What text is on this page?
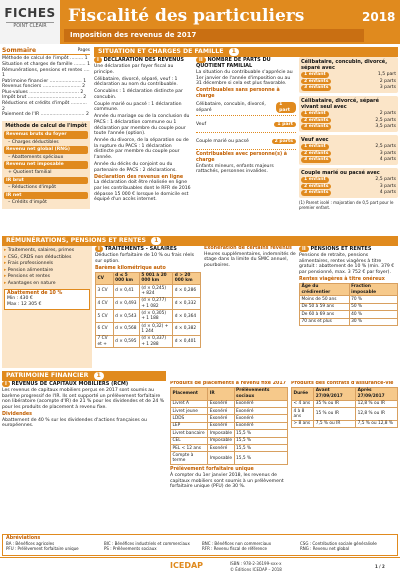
FICHES
POINT CLEAIR
Fiscalité des particuliers
Imposition des revenus de 2017
2018
Sommaire	Pages
Méthode de calcul de l'impôt ......... 1
Situation et charges de famille ........ 1
Rémunérations, pensions et rentes .... 1
Patrimoine financier ...................... 1
Revenus fonciers .......................... 2
Plus-values .................................. 2
Impôt brut ..................................... 2
Réductions et crédits d'impôt ........... 2
Paiement de l'IR .............................. 2
Méthode de calcul de l'impôt
Revenus bruts du foyer
– Charges déductibles
Revenu net global (RNG)
– Abattements spéciaux
Revenu net imposable
+ Quotient familial
IR brut
– Réductions d'impôt
IR net
– Crédits d'impôt
SITUATION ET CHARGES DE FAMILLE 1
I DÉCLARATION DES REVENUS

Une déclaration par foyer fiscal au principe.

Célibataire, divorcé, séparé, veuf : 1 déclaration au nom du contribuable.

Concubins : 1 déclaration distincte par concubin.

Couple marié ou pacsé : 1 déclaration commune.

Année du mariage ou de la conclusion du PACS : 1 déclaration commune ou 1 déclaration par membre du couple pour toute l'année (option).

Année du divorce, de la séparation ou de la rupture du PACS : 1 déclaration distincte par membre du couple pour l'année.

Année du décès du conjoint ou du partenaire de PACS : 2 déclarations.

Déclaration des revenus en ligne

La déclaration doit être réalisée en ligne par les contribuables dont le RFR de 2016 dépasse 15 000 € lorsque le domicile est équipé d'un accès internet.

II NOMBRE DE PARTS DU QUOTIENT FAMILIAL

La situation du contribuable s'apprécie au 1er janvier de l'année d'imposition ou au 31 décembre si cela est plus favorable.

Contribuables sans personne à charge
Célibataire, concubin, divorcé, séparé
1 part
Veuf	1 part
Couple marié ou pacsé	2 parts
Contribuables avec personne(s) à charge

Enfants mineurs, enfants majeurs rattachés, personnes invalides.

Célibataire, concubin, divorcé, séparé avec
1 enfant	1,5 part
2 enfants	2 parts
3 enfants	3 parts
Célibataire, divorcé, séparé vivant seul avec
1 enfant	2 parts
2 enfants	2,5 parts
3 enfants	3,5 parts
Veuf avec
1 enfant	2,5 parts
2 enfants	3 parts
3 enfants	4 parts
Couple marié ou pacsé avec
1 enfant	2,5 parts
2 enfants	3 parts
3 enfants	4 parts

(1) Parent isolé : majoration de 0,5 part pour le premier enfant.

RÉMUNÉRATIONS, PENSIONS ET RENTES 1
▸ Traitements, salaires, primes
▸ CSG, CRDS non déductibles
▸ Frais professionnels
▸ Pension alimentaire
▸ Pensions et rentes
▸ Avantages en nature
Abattement de 10 %
Min : 430 €
Max : 12 305 €
I TRAITEMENTS - SALAIRES

Déduction forfaitaire de 10 % ou frais réels sur option.

Barème kilométrique auto
CV	d ≤ 5 000 km	5 001 à 20 000 km	d > 20 000 km
3 CV	d × 0,41	(d × 0,245) + 824	d × 0,286
4 CV	d × 0,493	(d × 0,277) + 1 082	d × 0,332
5 CV	d × 0,543	(d × 0,305) + 1 188	d × 0,364
6 CV	d × 0,568	(d × 0,32) + 1 244	d × 0,382
7 CV et +	d × 0,595	(d × 0,337) + 1 288	d × 0,401
Exonération de certains revenus

Heures supplémentaires, indemnités de stage dans la limite du SMIC annuel, pourboires.

II PENSIONS ET RENTES

Pensions de retraite, pensions alimentaires, rentes viagères à titre gratuit : abattement de 10 % (min. 379 € par pensionné, max. 3 752 € par foyer).

Rentes viagères à titre onéreux
Âge du crédirentier	Fraction imposable
Moins de 50 ans	70 %
De 50 à 59 ans	50 %
De 60 à 69 ans	40 %
70 ans et plus	30 %
PATRIMOINE FINANCIER 1
I REVENUS DE CAPITAUX MOBILIERS (RCM)

Les revenus de capitaux mobiliers perçus en 2017 sont soumis au barème progressif de l'IR. Ils ont supporté un prélèvement forfaitaire non libératoire (acompte d'IR) de 21 % pour les dividendes et de 24 % pour les produits de placement à revenu fixe.

Dividendes

Abattement de 40 % sur les dividendes d'actions françaises ou européennes.

Produits de placements à revenu fixe 2017
Placement	IR	Prélèvements sociaux
Livret A	Exonéré	Exonéré
Livret jeune	Exonéré	Exonéré
LDDS	Exonéré	Exonéré
LEP	Exonéré	Exonéré
Livret bancaire	Imposable	15,5 %
CEL	Imposable	15,5 %
PEL < 12 ans	Exonéré	15,5 %
Compte à terme	Imposable	15,5 %
Prélèvement forfaitaire unique

À compter du 1er janvier 2018, les revenus de capitaux mobiliers sont soumis à un prélèvement forfaitaire unique (PFU) de 30 %.

Produits des contrats d'assurance-vie
Durée	Avant 27/09/2017	Après 27/09/2017
< 4 ans	35 % ou IR	12,8 % ou IR
4 à 8 ans	15 % ou IR	12,8 % ou IR
> 8 ans	7,5 % ou IR	7,5 % ou 12,8 %
Abréviations
BA : Bénéfices agricoles	BIC : Bénéfices industriels et commerciaux	BNC : Bénéfices non commerciaux	CSG : Contribution sociale généralisée
PFU : Prélèvement forfaitaire unique	PS : Prélèvements sociaux	RFR : Revenu fiscal de référence	RNG : Revenu net global
ICEDAP	ISBN : 978-2-36199-xxx-x
© Éditions ICEDAP – 2018
1 / 2
